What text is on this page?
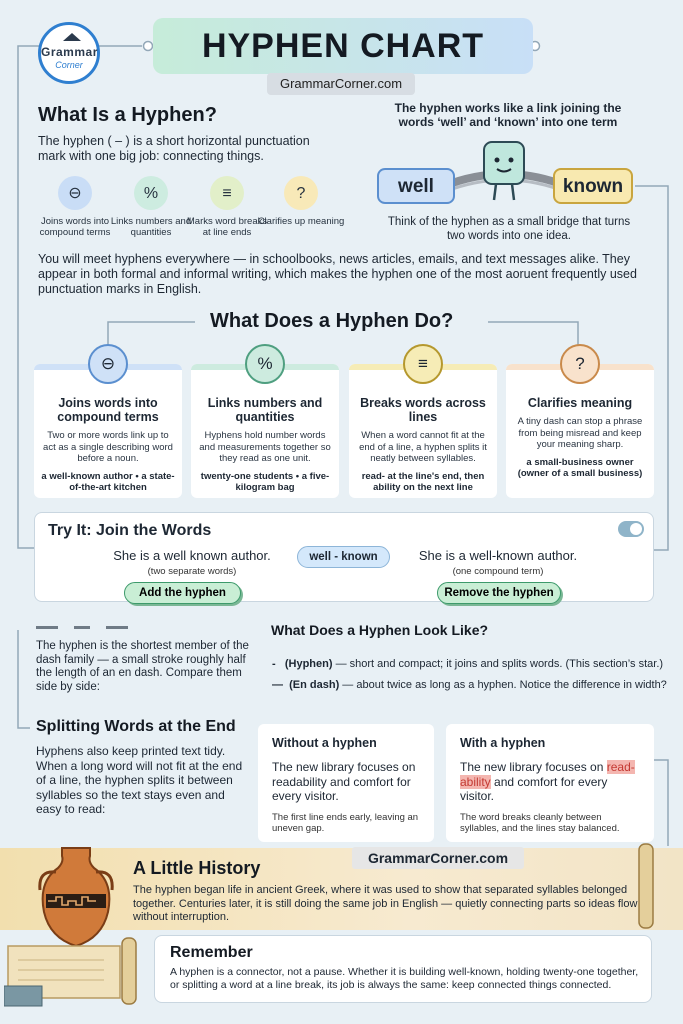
Grammar
Corner	HYPHEN CHART
GrammarCorner.com
What Is a Hyphen?
The hyphen ( – ) is a short horizontal punctuation mark with one big job: connecting things.
⊖
Joins words into compound terms
%
Links numbers and quantities
≡
Marks word breaks at line ends
?
Clarifies up meaning
The hyphen works like a link joining the words ‘well’ and ‘known’ into one term
well	known
Think of the hyphen as a small bridge that turns two words into one idea.
You will meet hyphens everywhere — in schoolbooks, news articles, emails, and text messages alike. They appear in both formal and informal writing, which makes the hyphen one of the most aoruent frequently used punctuation marks in English.
What Does a Hyphen Do?
Joins words into compound terms
Two or more words link up to act as a single describing word before a noun.
a well-known author • a state-of-the-art kitchen
Links numbers and quantities
Hyphens hold number words and measurements together so they read as one unit.
twenty-one students • a five-kilogram bag
Breaks words across lines
When a word cannot fit at the end of a line, a hyphen splits it neatly between syllables.
read- at the line's end, then ability on the next line
Clarifies meaning
A tiny dash can stop a phrase from being misread and keep your meaning sharp.
a small-business owner (owner of a small business)
⊖	%	≡	?
Try It: Join the Words
She is a well known author.
(two separate words)
well - known	She is a well-known author.
(one compound term)
Add the hyphen	Remove the hyphen
The hyphen is the shortest member of the dash family — a small stroke roughly half the length of an en dash. Compare them side by side:
What Does a Hyphen Look Like?
- (Hyphen) — short and compact; it joins and splits words. (This section’s star.)
— (En dash) — about twice as long as a hyphen. Notice the difference in width?
Splitting Words at the End
Hyphens also keep printed text tidy. When a long word will not fit at the end of a line, the hyphen splits it between syllables so the text stays even and easy to read:
Without a hyphen
The new library focuses on readability and comfort for every visitor.
The first line ends early, leaving an uneven gap.
With a hyphen
The new library focuses on read- ability and comfort for every visitor.
The word breaks cleanly between syllables, and the lines stay balanced.
A Little History	GrammarCorner.com
The hyphen began life in ancient Greek, where it was used to show that separated syllables belonged together. Centuries later, it is still doing the same job in English — quietly connecting parts so ideas flow without interruption.
Remember
A hyphen is a connector, not a pause. Whether it is building well-known, holding twenty-one together, or splitting a word at a line break, its job is always the same: keep connected things connected.
